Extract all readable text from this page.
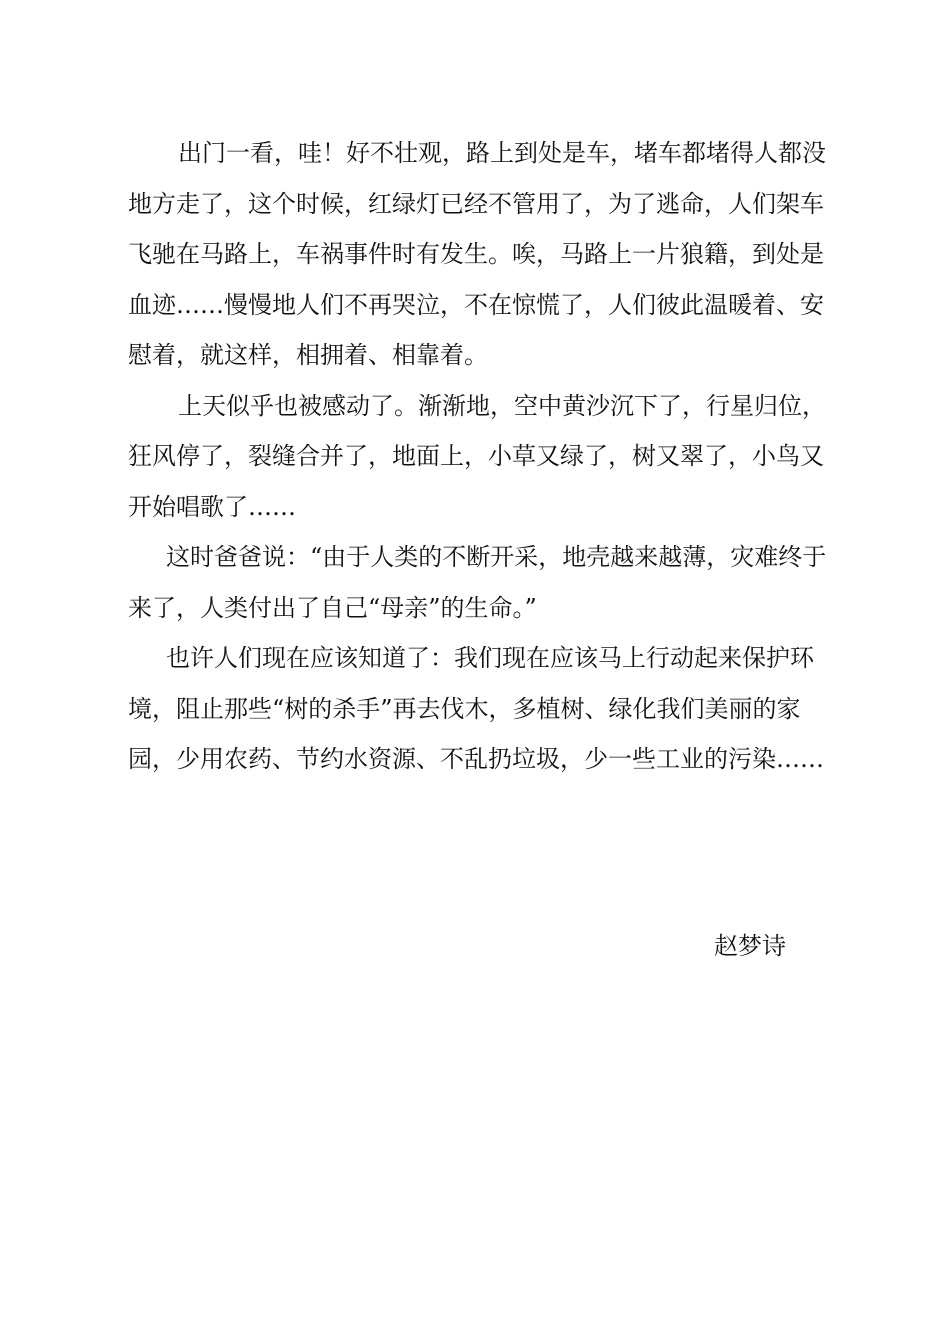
出门一看，哇！好不壮观，路上到处是车，堵车都堵得人都没地方走了，这个时候，红绿灯已经不管用了，为了逃命，人们架车飞驰在马路上，车祸事件时有发生。唉，马路上一片狼籍，到处是血迹……慢慢地人们不再哭泣，不在惊慌了，人们彼此温暖着、安慰着，就这样，相拥着、相靠着。

上天似乎也被感动了。渐渐地，空中黄沙沉下了，行星归位，狂风停了，裂缝合并了，地面上，小草又绿了，树又翠了，小鸟又开始唱歌了……

这时爸爸说：“由于人类的不断开采，地壳越来越薄，灾难终于来了，人类付出了自己“母亲”的生命。”

也许人们现在应该知道了：我们现在应该马上行动起来保护环境，阻止那些“树的杀手”再去伐木，多植树、绿化我们美丽的家园，少用农药、节约水资源、不乱扔垃圾，少一些工业的污染……

赵梦诗
